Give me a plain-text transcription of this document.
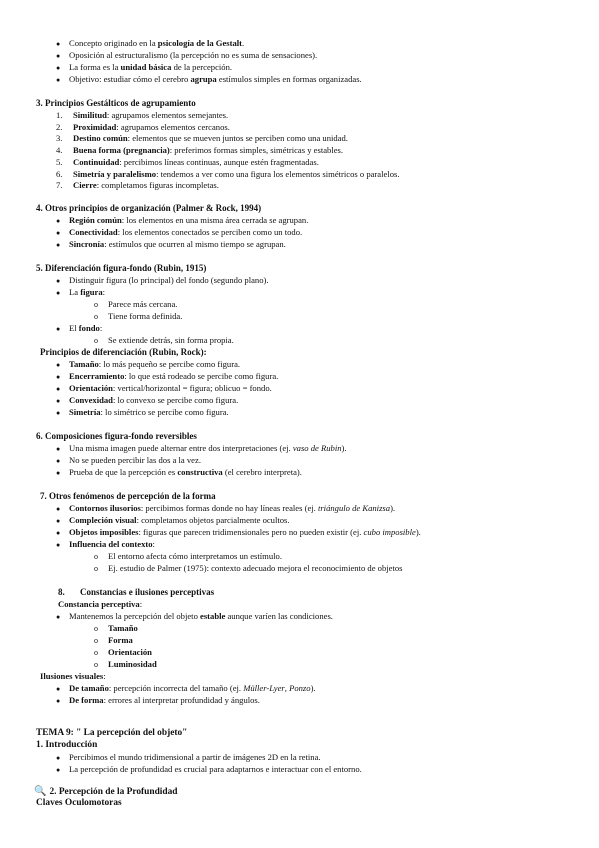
● Concepto originado en la psicología de la Gestalt.
● Oposición al estructuralismo (la percepción no es suma de sensaciones).
● La forma es la unidad básica de la percepción.
● Objetivo: estudiar cómo el cerebro agrupa estímulos simples en formas organizadas.
3. Principios Gestálticos de agrupamiento
1. Similitud: agrupamos elementos semejantes.
2. Proximidad: agrupamos elementos cercanos.
3. Destino común: elementos que se mueven juntos se perciben como una unidad.
4. Buena forma (pregnancia): preferimos formas simples, simétricas y estables.
5. Continuidad: percibimos líneas continuas, aunque estén fragmentadas.
6. Simetría y paralelismo: tendemos a ver como una figura los elementos simétricos o paralelos.
7. Cierre: completamos figuras incompletas.
4. Otros principios de organización (Palmer & Rock, 1994)
● Región común: los elementos en una misma área cerrada se agrupan.
● Conectividad: los elementos conectados se perciben como un todo.
● Sincronía: estímulos que ocurren al mismo tiempo se agrupan.
5. Diferenciación figura-fondo (Rubin, 1915)
● Distinguir figura (lo principal) del fondo (segundo plano).
● La figura:
o Parece más cercana.
o Tiene forma definida.
● El fondo:
o Se extiende detrás, sin forma propia.
Principios de diferenciación (Rubin, Rock):
● Tamaño: lo más pequeño se percibe como figura.
● Encerramiento: lo que está rodeado se percibe como figura.
● Orientación: vertical/horizontal = figura; oblicuo = fondo.
● Convexidad: lo convexo se percibe como figura.
● Simetría: lo simétrico se percibe como figura.
6. Composiciones figura-fondo reversibles
● Una misma imagen puede alternar entre dos interpretaciones (ej. vaso de Rubin).
● No se pueden percibir las dos a la vez.
● Prueba de que la percepción es constructiva (el cerebro interpreta).
7. Otros fenómenos de percepción de la forma
● Contornos ilusorios: percibimos formas donde no hay líneas reales (ej. triángulo de Kanizsa).
● Compleción visual: completamos objetos parcialmente ocultos.
● Objetos imposibles: figuras que parecen tridimensionales pero no pueden existir (ej. cubo imposible).
● Influencia del contexto:
o El entorno afecta cómo interpretamos un estímulo.
o Ej. estudio de Palmer (1975): contexto adecuado mejora el reconocimiento de objetos
8. Constancias e ilusiones perceptivas
Constancia perceptiva:
● Mantenemos la percepción del objeto estable aunque varíen las condiciones.
o Tamaño
o Forma
o Orientación
o Luminosidad
Ilusiones visuales:
● De tamaño: percepción incorrecta del tamaño (ej. Müller-Lyer, Ponzo).
● De forma: errores al interpretar profundidad y ángulos.
TEMA 9: " La percepción del objeto"
1. Introducción
● Percibimos el mundo tridimensional a partir de imágenes 2D en la retina.
● La percepción de profundidad es crucial para adaptarnos e interactuar con el entorno.
🔍 2. Percepción de la Profundidad
Claves Oculomotoras
